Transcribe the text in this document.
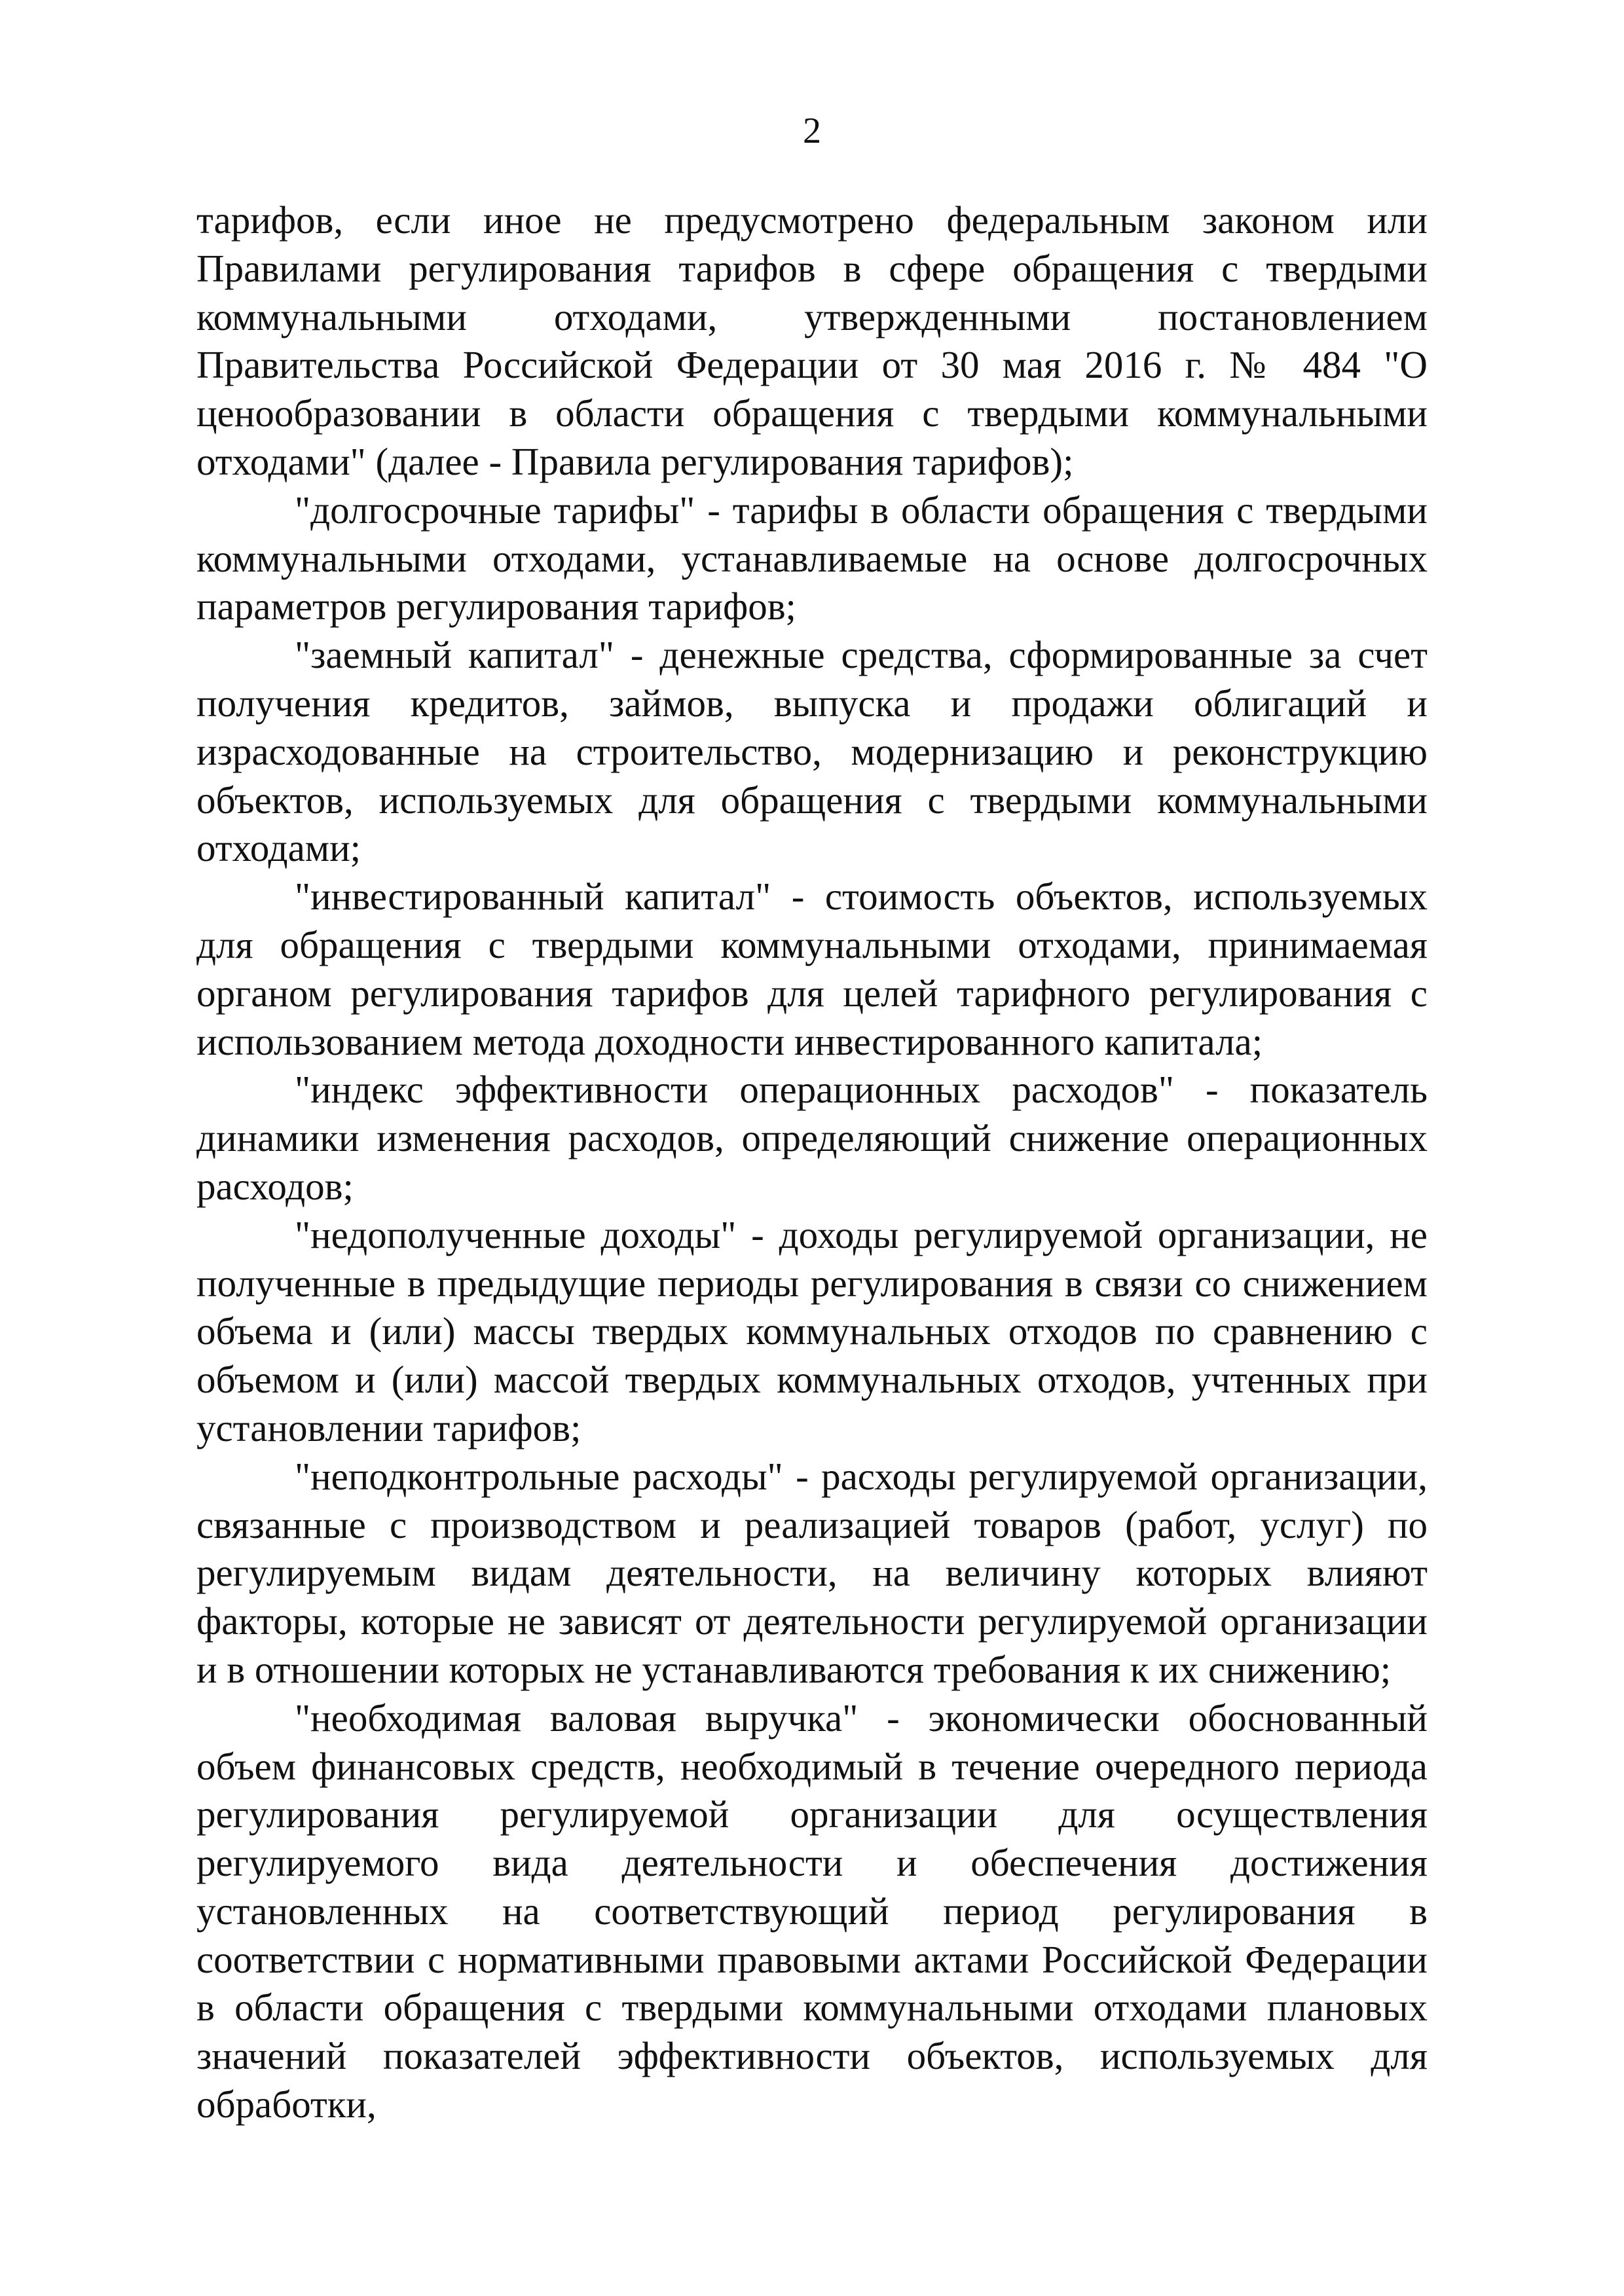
2

тарифов, если иное не предусмотрено федеральным законом или Правилами регулирования тарифов в сфере обращения с твердыми коммунальными отходами, утвержденными постановлением Правительства Российской Федерации от 30 мая 2016 г. № 484 "О ценообразовании в области обращения с твердыми коммунальными отходами" (далее - Правила регулирования тарифов);

"долгосрочные тарифы" - тарифы в области обращения с твердыми коммунальными отходами, устанавливаемые на основе долгосрочных параметров регулирования тарифов;

"заемный капитал" - денежные средства, сформированные за счет получения кредитов, займов, выпуска и продажи облигаций и израсходованные на строительство, модернизацию и реконструкцию объектов, используемых для обращения с твердыми коммунальными отходами;

"инвестированный капитал" - стоимость объектов, используемых для обращения с твердыми коммунальными отходами, принимаемая органом регулирования тарифов для целей тарифного регулирования с использованием метода доходности инвестированного капитала;

"индекс эффективности операционных расходов" - показатель динамики изменения расходов, определяющий снижение операционных расходов;

"недополученные доходы" - доходы регулируемой организации, не полученные в предыдущие периоды регулирования в связи со снижением объема и (или) массы твердых коммунальных отходов по сравнению с объемом и (или) массой твердых коммунальных отходов, учтенных при установлении тарифов;

"неподконтрольные расходы" - расходы регулируемой организации, связанные с производством и реализацией товаров (работ, услуг) по регулируемым видам деятельности, на величину которых влияют факторы, которые не зависят от деятельности регулируемой организации и в отношении которых не устанавливаются требования к их снижению;

"необходимая валовая выручка" - экономически обоснованный объем финансовых средств, необходимый в течение очередного периода регулирования регулируемой организации для осуществления регулируемого вида деятельности и обеспечения достижения установленных на соответствующий период регулирования в соответствии с нормативными правовыми актами Российской Федерации в области обращения с твердыми коммунальными отходами плановых значений показателей эффективности объектов, используемых для обработки,
